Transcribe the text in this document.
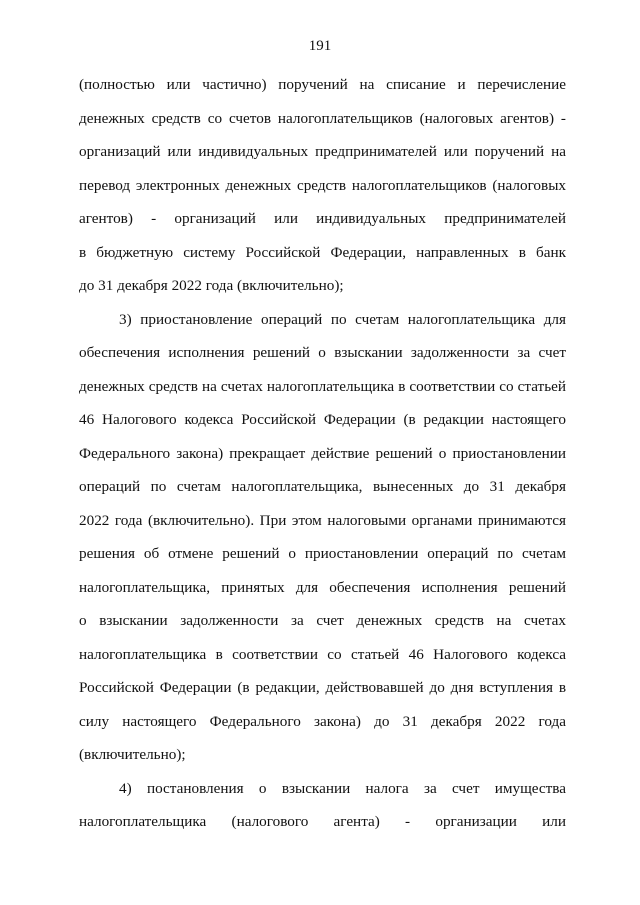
191
(полностью или частично) поручений на списание и перечисление
денежных средств со счетов налогоплательщиков (налоговых агентов) -
организаций или индивидуальных предпринимателей или поручений на
перевод электронных денежных средств налогоплательщиков (налоговых
агентов) - организаций или индивидуальных предпринимателей
в бюджетную систему Российской Федерации, направленных в банк
до 31 декабря 2022 года (включительно);
3) приостановление операций по счетам налогоплательщика для
обеспечения исполнения решений о взыскании задолженности за счет
денежных средств на счетах налогоплательщика в соответствии со статьей
46 Налогового кодекса Российской Федерации (в редакции настоящего
Федерального закона) прекращает действие решений о приостановлении
операций по счетам налогоплательщика, вынесенных до 31 декабря
2022 года (включительно). При этом налоговыми органами принимаются
решения об отмене решений о приостановлении операций по счетам
налогоплательщика, принятых для обеспечения исполнения решений
о взыскании задолженности за счет денежных средств на счетах
налогоплательщика в соответствии со статьей 46 Налогового кодекса
Российской Федерации (в редакции, действовавшей до дня вступления в
силу настоящего Федерального закона) до 31 декабря 2022 года
(включительно);
4) постановления о взыскании налога за счет имущества
налогоплательщика (налогового агента) - организации или
